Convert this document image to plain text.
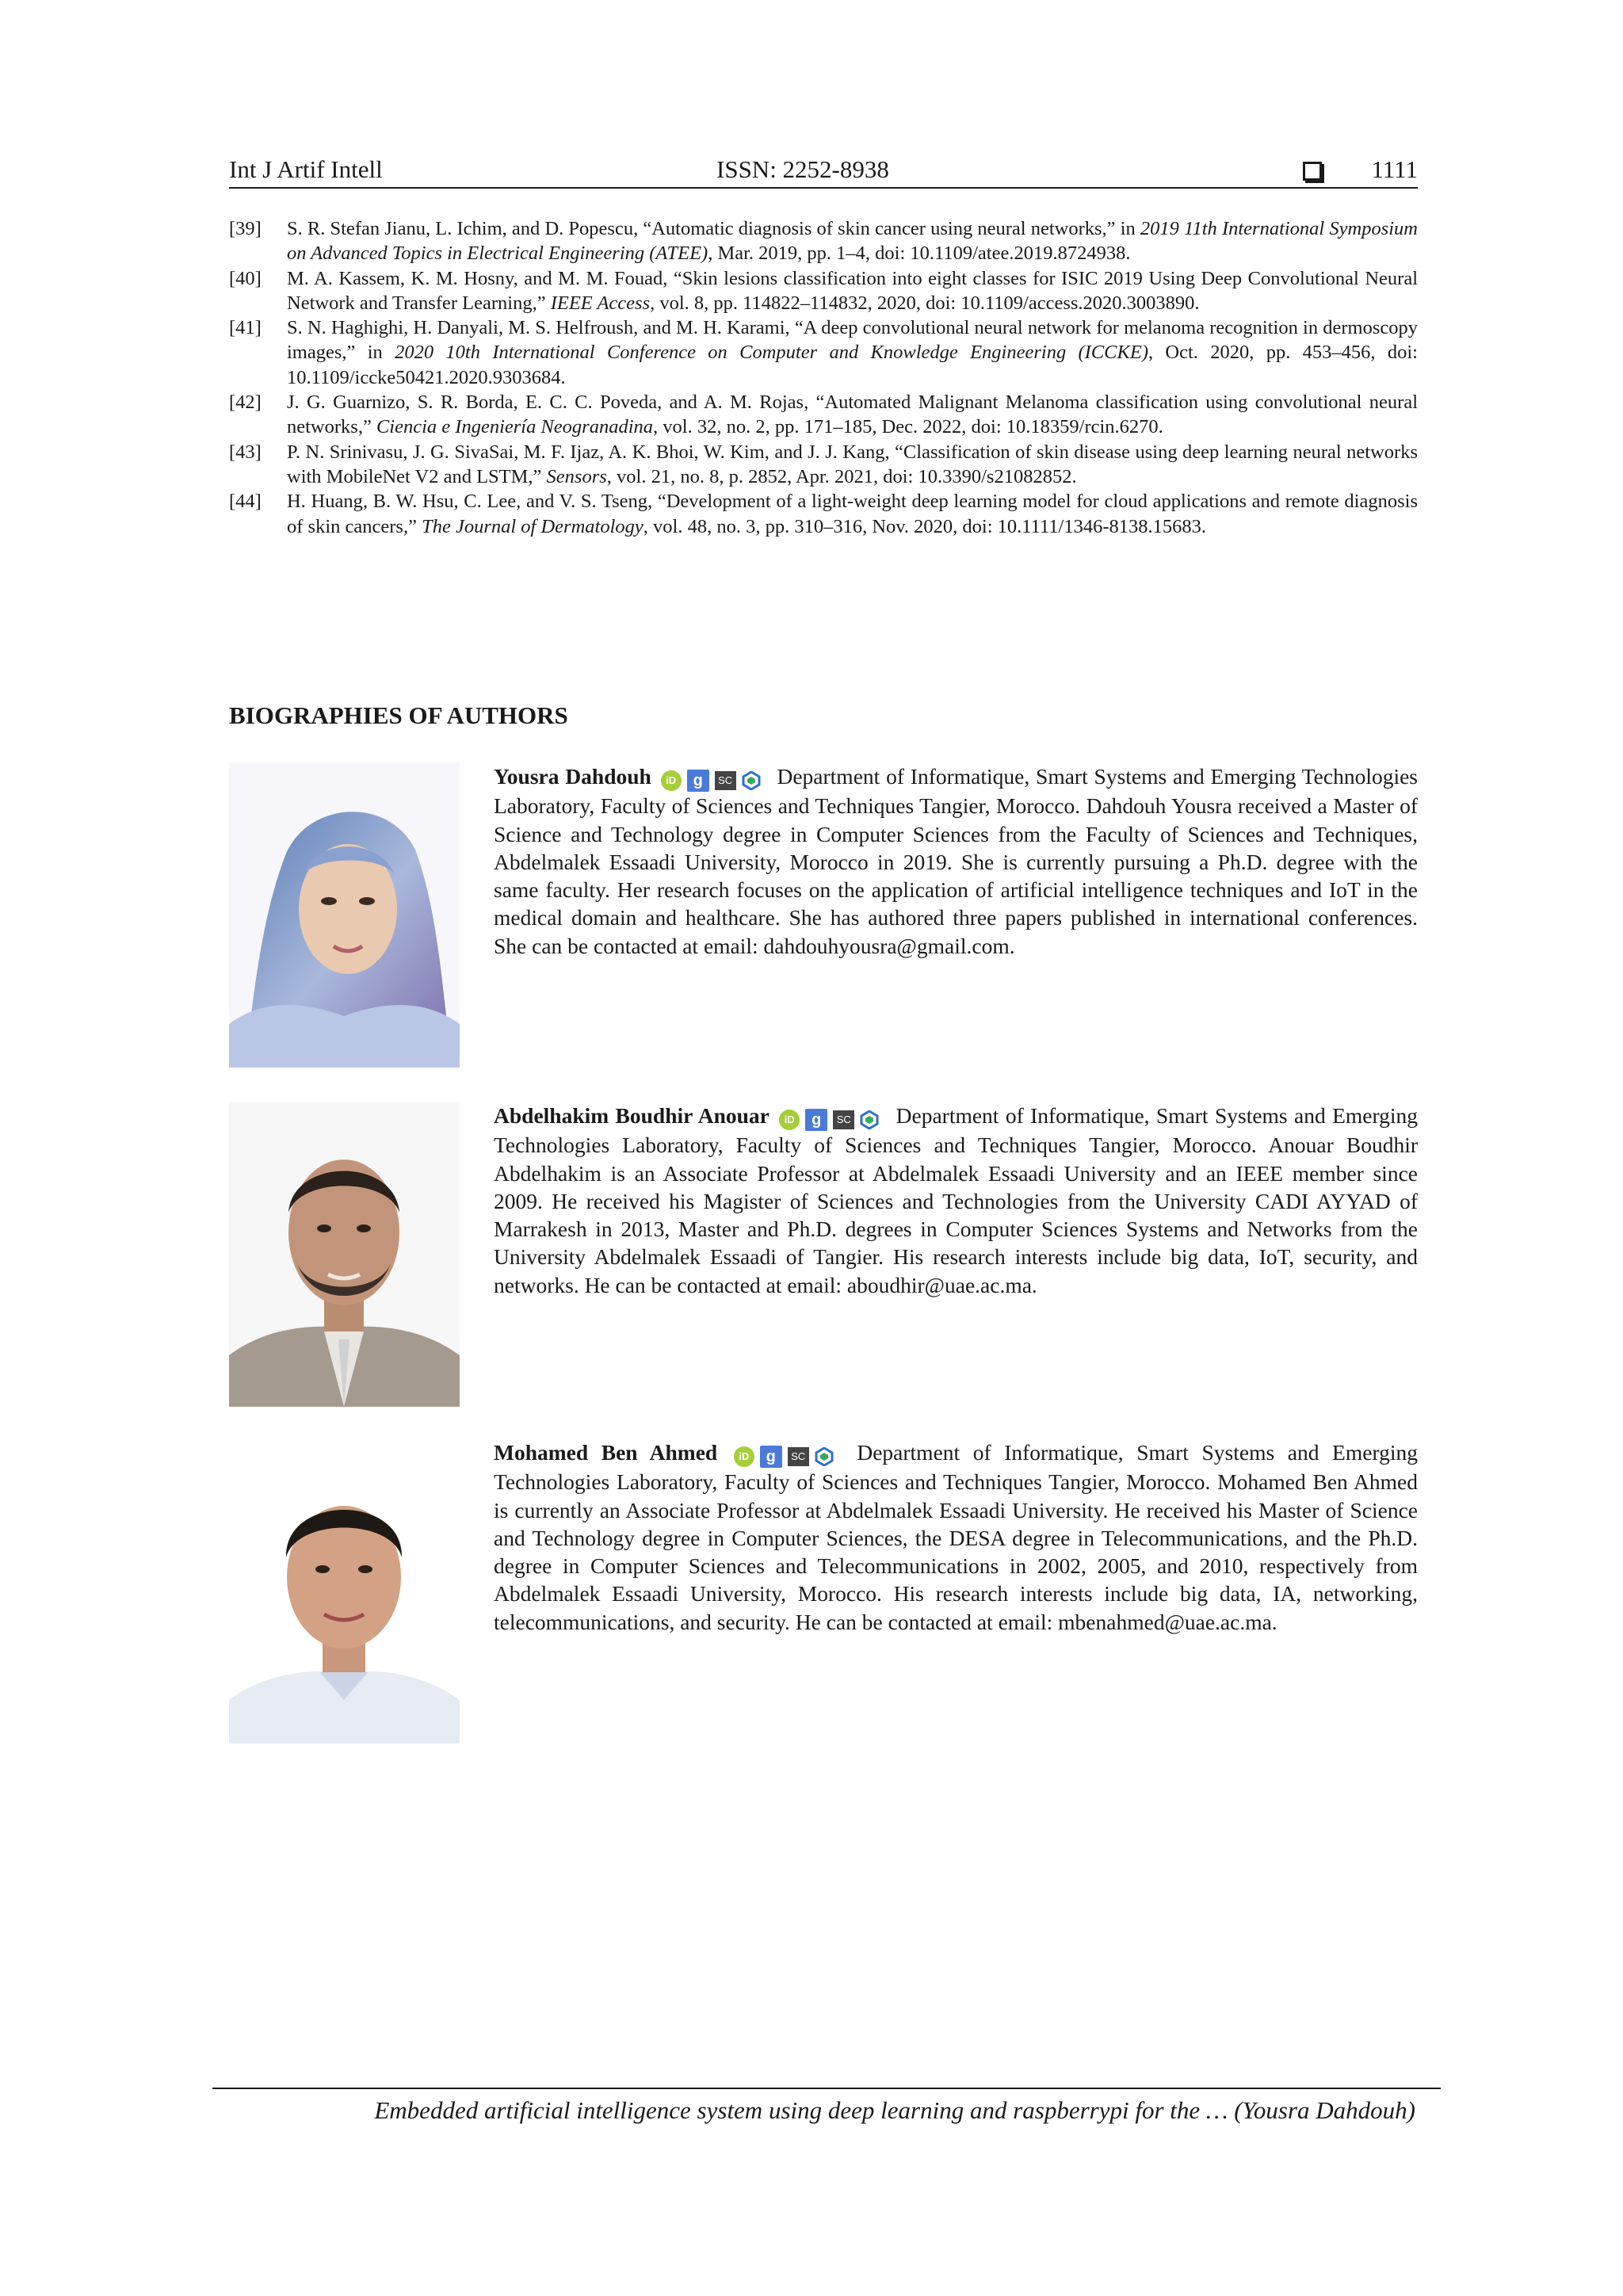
Int J Artif Intell	ISSN: 2252-8938	1111
[39]	S. R. Stefan Jianu, L. Ichim, and D. Popescu, “Automatic diagnosis of skin cancer using neural networks,” in 2019 11th International Symposium on Advanced Topics in Electrical Engineering (ATEE), Mar. 2019, pp. 1–4, doi: 10.1109/atee.2019.8724938.
[40]	M. A. Kassem, K. M. Hosny, and M. M. Fouad, “Skin lesions classification into eight classes for ISIC 2019 Using Deep Convolutional Neural Network and Transfer Learning,” IEEE Access, vol. 8, pp. 114822–114832, 2020, doi: 10.1109/access.2020.3003890.
[41]	S. N. Haghighi, H. Danyali, M. S. Helfroush, and M. H. Karami, “A deep convolutional neural network for melanoma recognition in dermoscopy images,” in 2020 10th International Conference on Computer and Knowledge Engineering (ICCKE), Oct. 2020, pp. 453–456, doi: 10.1109/iccke50421.2020.9303684.
[42]	J. G. Guarnizo, S. R. Borda, E. C. C. Poveda, and A. M. Rojas, “Automated Malignant Melanoma classification using convolutional neural networks,” Ciencia e Ingeniería Neogranadina, vol. 32, no. 2, pp. 171–185, Dec. 2022, doi: 10.18359/rcin.6270.
[43]	P. N. Srinivasu, J. G. SivaSai, M. F. Ijaz, A. K. Bhoi, W. Kim, and J. J. Kang, “Classification of skin disease using deep learning neural networks with MobileNet V2 and LSTM,” Sensors, vol. 21, no. 8, p. 2852, Apr. 2021, doi: 10.3390/s21082852.
[44]	H. Huang, B. W. Hsu, C. Lee, and V. S. Tseng, “Development of a light-weight deep learning model for cloud applications and remote diagnosis of skin cancers,” The Journal of Dermatology, vol. 48, no. 3, pp. 310–316, Nov. 2020, doi: 10.1111/1346-8138.15683.
BIOGRAPHIES OF AUTHORS
Yousra Dahdouh iD g SC Department of Informatique, Smart Systems and Emerging Technologies Laboratory, Faculty of Sciences and Techniques Tangier, Morocco. Dahdouh Yousra received a Master of Science and Technology degree in Computer Sciences from the Faculty of Sciences and Techniques, Abdelmalek Essaadi University, Morocco in 2019. She is currently pursuing a Ph.D. degree with the same faculty. Her research focuses on the application of artificial intelligence techniques and IoT in the medical domain and healthcare. She has authored three papers published in international conferences. She can be contacted at email: dahdouhyousra@gmail.com.
Abdelhakim Boudhir Anouar iD g SC Department of Informatique, Smart Systems and Emerging Technologies Laboratory, Faculty of Sciences and Techniques Tangier, Morocco. Anouar Boudhir Abdelhakim is an Associate Professor at Abdelmalek Essaadi University and an IEEE member since 2009. He received his Magister of Sciences and Technologies from the University CADI AYYAD of Marrakesh in 2013, Master and Ph.D. degrees in Computer Sciences Systems and Networks from the University Abdelmalek Essaadi of Tangier. His research interests include big data, IoT, security, and networks. He can be contacted at email: aboudhir@uae.ac.ma.
Mohamed Ben Ahmed iD g SC Department of Informatique, Smart Systems and Emerging Technologies Laboratory, Faculty of Sciences and Techniques Tangier, Morocco. Mohamed Ben Ahmed is currently an Associate Professor at Abdelmalek Essaadi University. He received his Master of Science and Technology degree in Computer Sciences, the DESA degree in Telecommunications, and the Ph.D. degree in Computer Sciences and Telecommunications in 2002, 2005, and 2010, respectively from Abdelmalek Essaadi University, Morocco. His research interests include big data, IA, networking, telecommunications, and security. He can be contacted at email: mbenahmed@uae.ac.ma.
Embedded artificial intelligence system using deep learning and raspberrypi for the … (Yousra Dahdouh)
